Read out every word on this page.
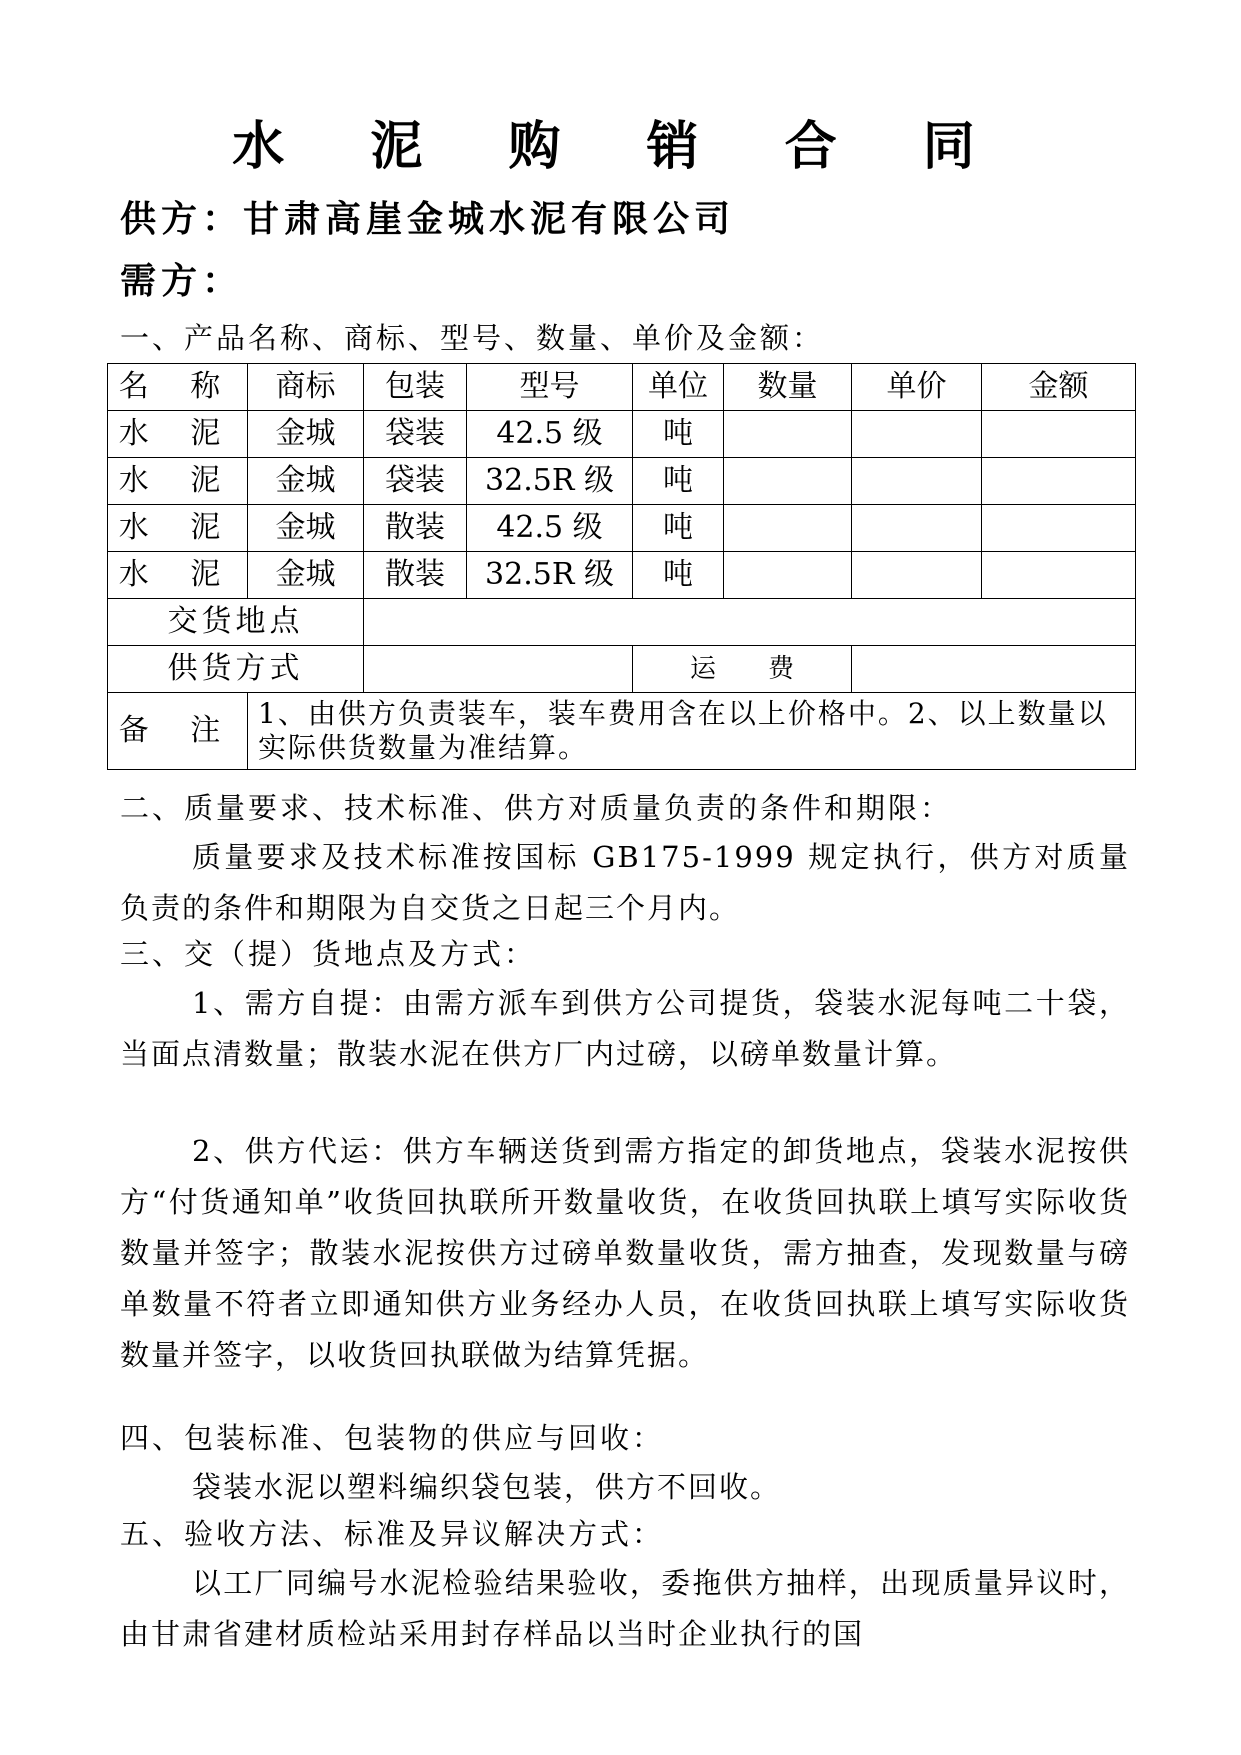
水 泥 购 销 合 同
供方：甘肃高崖金城水泥有限公司
需方：
一、产品名称、商标、型号、数量、单价及金额：
名 称	商标	包装	型号	单位	数量	单价	金额
水 泥	金城	袋装	42.5 级	吨			
水 泥	金城	袋装	32.5R 级	吨			
水 泥	金城	散装	42.5 级	吨			
水 泥	金城	散装	32.5R 级	吨			
交货地点							
供货方式				运　　费			
备 注	1、由供方负责装车，装车费用含在以上价格中。2、以上数量以实际供货数量为准结算。						
二、质量要求、技术标准、供方对质量负责的条件和期限：
质量要求及技术标准按国标 GB175-1999 规定执行，供方对质量负责的条件和期限为自交货之日起三个月内。
三、交（提）货地点及方式：
1、需方自提：由需方派车到供方公司提货，袋装水泥每吨二十袋，当面点清数量；散装水泥在供方厂内过磅，以磅单数量计算。
2、供方代运：供方车辆送货到需方指定的卸货地点，袋装水泥按供方“付货通知单”收货回执联所开数量收货，在收货回执联上填写实际收货数量并签字；散装水泥按供方过磅单数量收货，需方抽查，发现数量与磅单数量不符者立即通知供方业务经办人员，在收货回执联上填写实际收货数量并签字，以收货回执联做为结算凭据。
四、包装标准、包装物的供应与回收：
袋装水泥以塑料编织袋包装，供方不回收。
五、验收方法、标准及异议解决方式：
以工厂同编号水泥检验结果验收，委拖供方抽样，出现质量异议时，由甘肃省建材质检站采用封存样品以当时企业执行的国
